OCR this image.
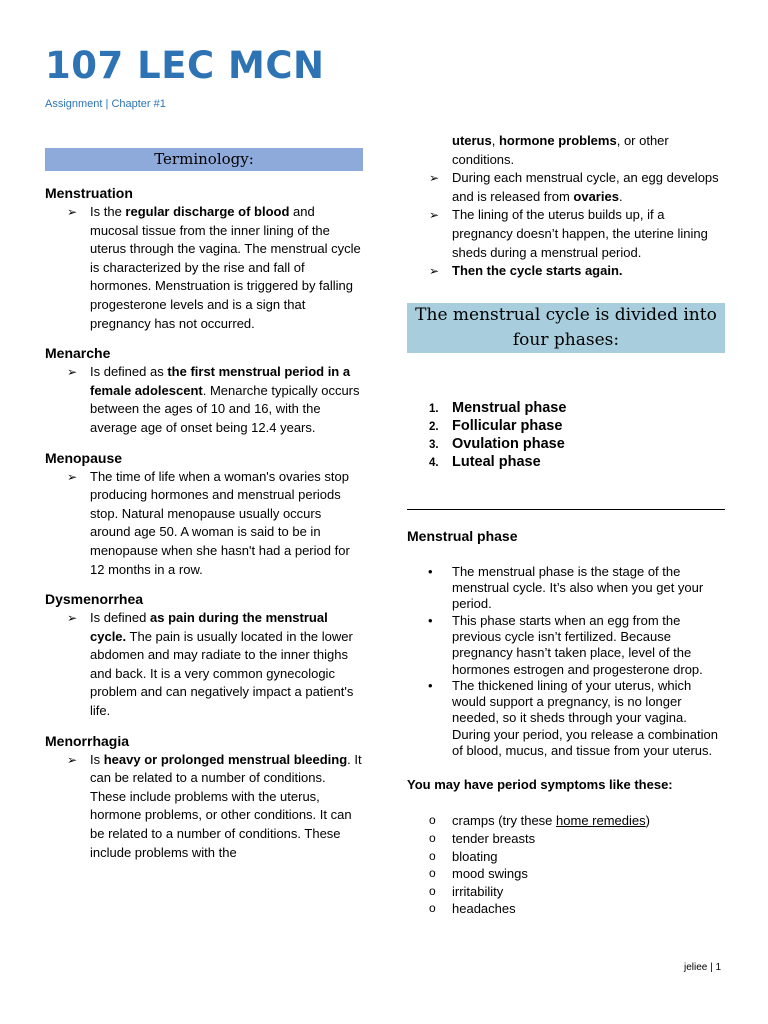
107 LEC MCN
Assignment | Chapter #1
Terminology:
Menstruation
➢ Is the regular discharge of blood and mucosal tissue from the inner lining of the uterus through the vagina. The menstrual cycle is characterized by the rise and fall of hormones. Menstruation is triggered by falling progesterone levels and is a sign that pregnancy has not occurred.
Menarche
➢ Is defined as the first menstrual period in a female adolescent. Menarche typically occurs between the ages of 10 and 16, with the average age of onset being 12.4 years.
Menopause
➢ The time of life when a woman's ovaries stop producing hormones and menstrual periods stop. Natural menopause usually occurs around age 50. A woman is said to be in menopause when she hasn't had a period for 12 months in a row.
Dysmenorrhea
➢ Is defined as pain during the menstrual cycle. The pain is usually located in the lower abdomen and may radiate to the inner thighs and back. It is a very common gynecologic problem and can negatively impact a patient's life.
Menorrhagia
➢ Is heavy or prolonged menstrual bleeding. It can be related to a number of conditions. These include problems with the uterus, hormone problems, or other conditions. It can be related to a number of conditions. These include problems with the
uterus, hormone problems, or other conditions.
➢ During each menstrual cycle, an egg develops and is released from ovaries.
➢ The lining of the uterus builds up, if a pregnancy doesn’t happen, the uterine lining sheds during a menstrual period.
➢ Then the cycle starts again.
The menstrual cycle is divided into four phases:
1. Menstrual phase
2. Follicular phase
3. Ovulation phase
4. Luteal phase
Menstrual phase
• The menstrual phase is the stage of the menstrual cycle. It’s also when you get your period.
• This phase starts when an egg from the previous cycle isn’t fertilized. Because pregnancy hasn’t taken place, level of the hormones estrogen and progesterone drop.
• The thickened lining of your uterus, which would support a pregnancy, is no longer needed, so it sheds through your vagina. During your period, you release a combination of blood, mucus, and tissue from your uterus.
You may have period symptoms like these:
o cramps (try these home remedies)
o tender breasts
o bloating
o mood swings
o irritability
o headaches
jeliee | 1
